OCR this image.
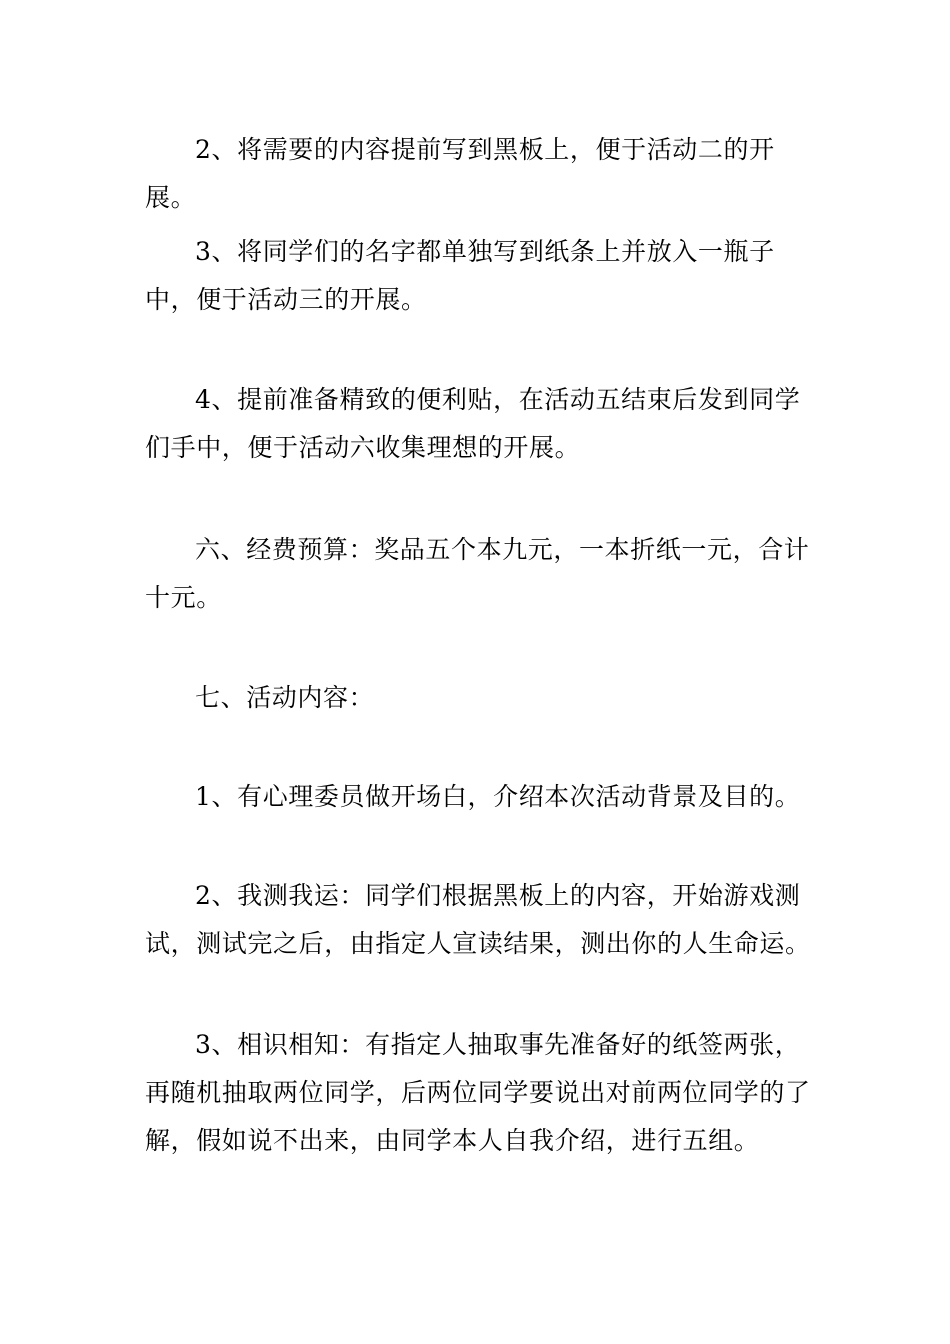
2、将需要的内容提前写到黑板上，便于活动二的开展。

3、将同学们的名字都单独写到纸条上并放入一瓶子中，便于活动三的开展。

4、提前准备精致的便利贴，在活动五结束后发到同学们手中，便于活动六收集理想的开展。

六、经费预算：奖品五个本九元，一本折纸一元，合计十元。

七、活动内容：

1、有心理委员做开场白，介绍本次活动背景及目的。

2、我测我运：同学们根据黑板上的内容，开始游戏测试，测试完之后，由指定人宣读结果，测出你的人生命运。

3、相识相知：有指定人抽取事先准备好的纸签两张，再随机抽取两位同学，后两位同学要说出对前两位同学的了解，假如说不出来，由同学本人自我介绍，进行五组。
